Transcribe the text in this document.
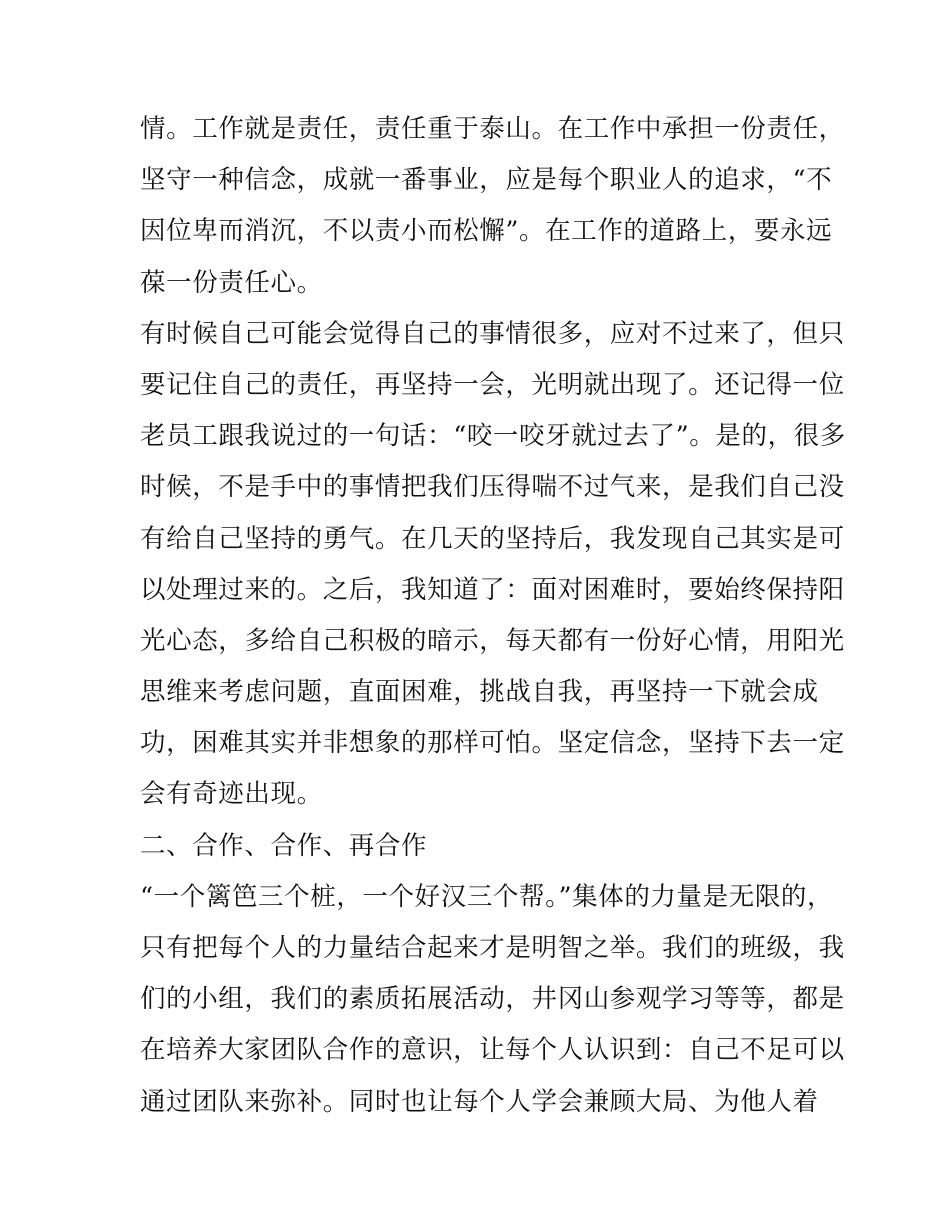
情。工作就是责任，责任重于泰山。在工作中承担一份责任，
坚守一种信念，成就一番事业，应是每个职业人的追求，“不
因位卑而消沉，不以责小而松懈”。在工作的道路上，要永远
葆一份责任心。
有时候自己可能会觉得自己的事情很多，应对不过来了，但只
要记住自己的责任，再坚持一会，光明就出现了。还记得一位
老员工跟我说过的一句话：“咬一咬牙就过去了”。是的，很多
时候，不是手中的事情把我们压得喘不过气来，是我们自己没
有给自己坚持的勇气。在几天的坚持后，我发现自己其实是可
以处理过来的。之后，我知道了：面对困难时，要始终保持阳
光心态，多给自己积极的暗示，每天都有一份好心情，用阳光
思维来考虑问题，直面困难，挑战自我，再坚持一下就会成
功，困难其实并非想象的那样可怕。坚定信念，坚持下去一定
会有奇迹出现。
二、合作、合作、再合作
“一个篱笆三个桩，一个好汉三个帮。”集体的力量是无限的，
只有把每个人的力量结合起来才是明智之举。我们的班级，我
们的小组，我们的素质拓展活动，井冈山参观学习等等，都是
在培养大家团队合作的意识，让每个人认识到：自己不足可以
通过团队来弥补。同时也让每个人学会兼顾大局、为他人着
